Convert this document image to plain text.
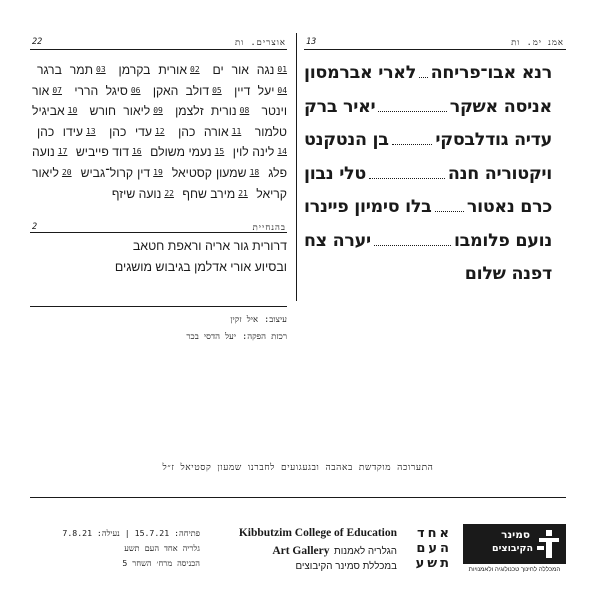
אמנ ימ. ות
13
אוצרים. ות
22
רנא אבו־פריחה
לארי אברמסון
אניסה אשקר
יאיר ברק
עדיה גודלבסקי
בן הנטקנט
ויקטוריה חנה
טלי נבון
כרם נאטור
בלו סימיון פיינרו
נועם פלומבו
יערה צח
דפנה שלום
01נגה אור ים 02אורית בקרמן 03תמר ברגר 04יעל דיין 05דולב האקן 06סיגל הררי 07אור וינטר 08נורית זלצמן 09ליאור חורש 10אביגיל טלמור 11אורה כהן 12עדי כהן 13עידו כהן 14לינה לוין 15נעמי משולם 16דוד פייביש 17נועה פלג 18שמעון קסטיאל 19דין קרול־גביש 20ליאור קריאל 21מירב שחף 22נועה שיזף
בהנחיית
2
דרורית גור אריה וראפת חטאב
ובסיוע אורי אדלמן בגיבוש מושגים
עיצוב:איל זקין
רכזת הפקה:יעל הדסי בכר
התערוכה מוקדשת באהבה ובגעגועים לחברנו שמעון קסטיאל ז״ל
סמינר
הקיבוצים
המכללה לחינוך טכנולוגיה ולאמנויות
אחד
העם
תשע
Kibbutzim College of Education
הגלריה לאמנות Art Gallery
במכללת סמינר הקיבוצים
פתיחה: 15.7.21 | נעילה: 7.8.21
גלריה אחד העם תשע
הכניסה מרח׳ השחר 5
